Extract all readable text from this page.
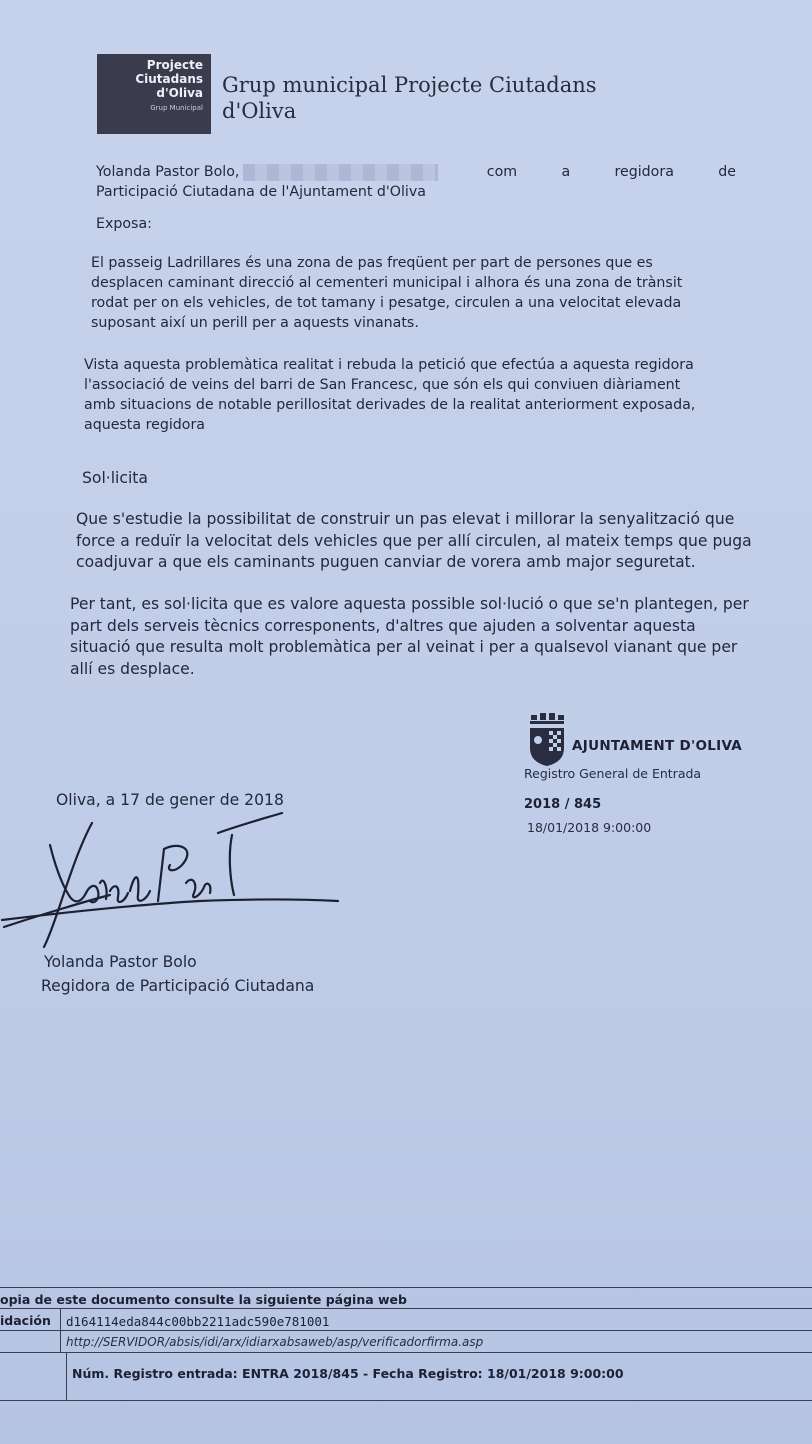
Projecte
Ciutadans
d'Oliva
Grup Municipal
Grup municipal Projecte Ciutadans
d'Oliva
Yolanda Pastor Bolo,	com	a	regidora	de
Participació Ciutadana de l'Ajuntament d'Oliva
Exposa:
El passeig Ladrillares és una zona de pas freqüent per part de persones que es
desplacen caminant direcció al cementeri municipal i alhora és una zona de trànsit
rodat per on els vehicles, de tot tamany i pesatge, circulen a una velocitat elevada
suposant així un perill per a aquests vinanats.
Vista aquesta problemàtica realitat i rebuda la petició que efectúa a aquesta regidora
l'associació de veins del barri de San Francesc, que són els qui conviuen diàriament
amb situacions de notable perillositat derivades de la realitat anteriorment exposada,
aquesta regidora
Sol·licita
Que s'estudie la possibilitat de construir un pas elevat i millorar la senyalització que
force a reduïr la velocitat dels vehicles que per allí circulen, al mateix temps que puga
coadjuvar a que els caminants puguen canviar de vorera amb major seguretat.
Per tant, es sol·licita que es valore aquesta possible sol·lució o que se'n plantegen, per
part dels serveis tècnics corresponents, d'altres que ajuden a solventar aquesta
situació que resulta molt problemàtica per al veinat i per a qualsevol vianant que per
allí es desplace.
AJUNTAMENT D'OLIVA
Registro General de Entrada
2018 / 845
18/01/2018 9:00:00
Oliva, a 17 de gener de 2018
Yolanda Pastor Bolo
Regidora de Participació Ciutadana
opia de este documento consulte la siguiente página web
idación d164114eda844c00bb2211adc590e781001
http://SERVIDOR/absis/idi/arx/idiarxabsaweb/asp/verificadorfirma.asp
Núm. Registro entrada: ENTRA 2018/845 - Fecha Registro: 18/01/2018 9:00:00
